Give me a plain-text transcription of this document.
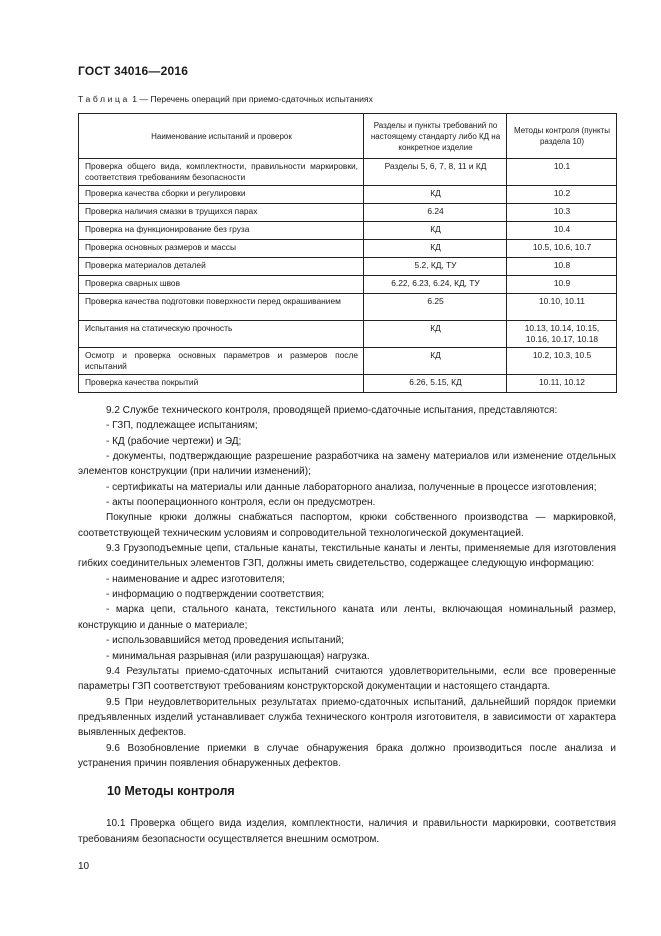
ГОСТ 34016—2016
Таблица 1 — Перечень операций при приемо-сдаточных испытаниях
Наименование испытаний и проверок	Разделы и пункты требований по настоящему стандарту либо КД на конкретное изделие	Методы контроля (пункты раздела 10)
Проверка общего вида, комплектности, правильности маркировки, соответствия требованиям безопасности	Разделы 5, 6, 7, 8, 11 и КД	10.1
Проверка качества сборки и регулировки	КД	10.2
Проверка наличия смазки в трущихся парах	6.24	10.3
Проверка на функционирование без груза	КД	10.4
Проверка основных размеров и массы	КД	10.5, 10.6, 10.7
Проверка материалов деталей	5.2, КД, ТУ	10.8
Проверка сварных швов	6.22, 6.23, 6.24, КД, ТУ	10.9
Проверка качества подготовки поверхности перед окрашиванием	6.25	10.10, 10.11
Испытания на статическую прочность	КД	10.13, 10.14, 10.15, 10.16, 10.17, 10.18
Осмотр и проверка основных параметров и размеров после испытаний	КД	10.2, 10.3, 10.5
Проверка качества покрытий	6.26, 5.15, КД	10.11, 10.12

9.2 Службе технического контроля, проводящей приемо-сдаточные испытания, представляются:

- ГЗП, подлежащее испытаниям;

- КД (рабочие чертежи) и ЭД;

- документы, подтверждающие разрешение разработчика на замену материалов или изменение отдельных элементов конструкции (при наличии изменений);

- сертификаты на материалы или данные лабораторного анализа, полученные в процессе изготовления;

- акты пооперационного контроля, если он предусмотрен.

Покупные крюки должны снабжаться паспортом, крюки собственного производства — маркировкой, соответствующей техническим условиям и сопроводительной технологической документацией.

9.3 Грузоподъемные цепи, стальные канаты, текстильные канаты и ленты, применяемые для изготовления гибких соединительных элементов ГЗП, должны иметь свидетельство, содержащее следующую информацию:

- наименование и адрес изготовителя;

- информацию о подтверждении соответствия;

- марка цепи, стального каната, текстильного каната или ленты, включающая номинальный размер, конструкцию и данные о материале;

- использовавшийся метод проведения испытаний;

- минимальная разрывная (или разрушающая) нагрузка.

9.4 Результаты приемо-сдаточных испытаний считаются удовлетворительными, если все проверенные параметры ГЗП соответствуют требованиям конструкторской документации и настоящего стандарта.

9.5 При неудовлетворительных результатах приемо-сдаточных испытаний, дальнейший порядок приемки предъявленных изделий устанавливает служба технического контроля изготовителя, в зависимости от характера выявленных дефектов.

9.6 Возобновление приемки в случае обнаружения брака должно производиться после анализа и устранения причин появления обнаруженных дефектов.

10 Методы контроля

10.1 Проверка общего вида изделия, комплектности, наличия и правильности маркировки, соответствия требованиям безопасности осуществляется внешним осмотром.

10
